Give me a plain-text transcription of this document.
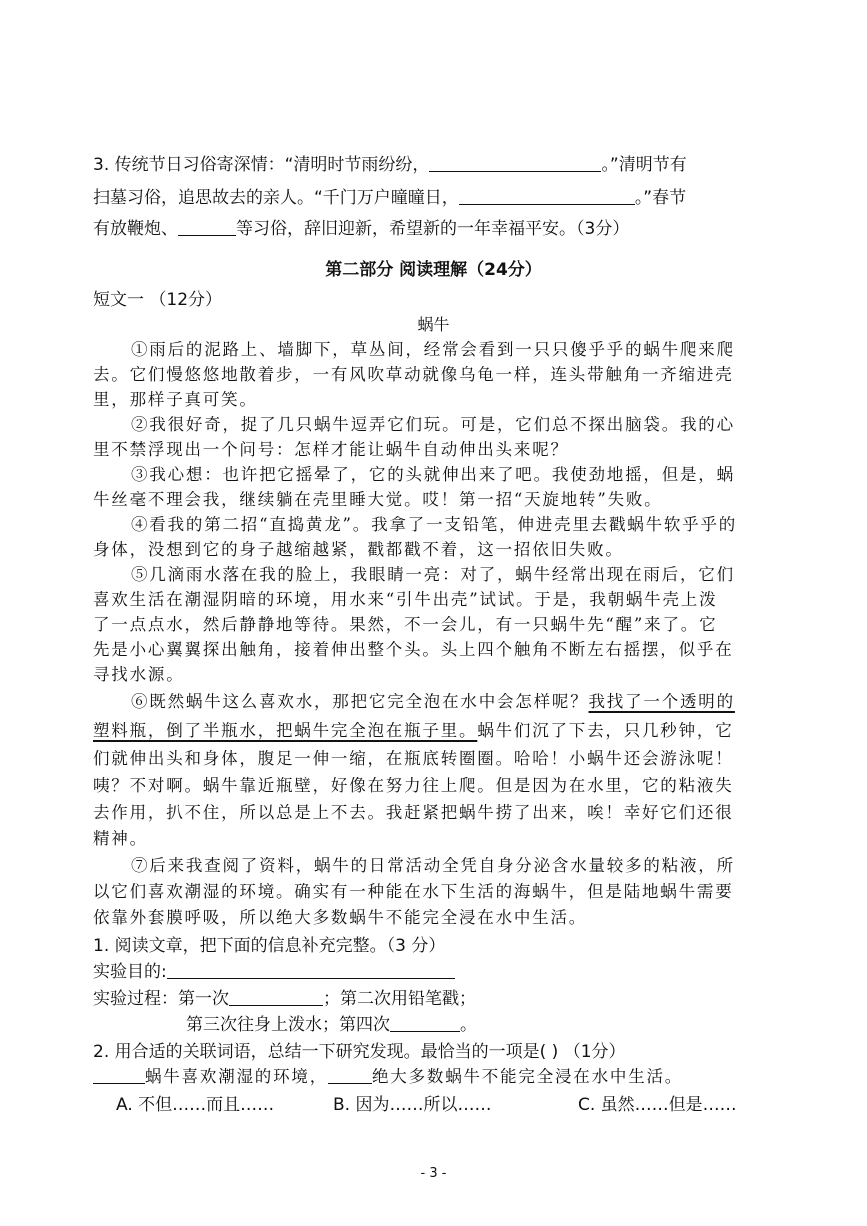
3. 传统节日习俗寄深情：“清明时节雨纷纷，	。”清明节有
扫墓习俗，追思故去的亲人。“千门万户曈曈日，	。”春节
有放鞭炮、	等习俗，辞旧迎新，希望新的一年幸福平安。（3分）
第二部分 阅读理解（24分）
短文一 （12分）
蜗牛
①雨后的泥路上、墙脚下，草丛间，经常会看到一只只傻乎乎的蜗牛爬来爬
去。它们慢悠悠地散着步，一有风吹草动就像乌龟一样，连头带触角一齐缩进壳
里，那样子真可笑。
②我很好奇，捉了几只蜗牛逗弄它们玩。可是，它们总不探出脑袋。我的心
里不禁浮现出一个问号：怎样才能让蜗牛自动伸出头来呢？
③我心想：也许把它摇晕了，它的头就伸出来了吧。我使劲地摇，但是，蜗
牛丝毫不理会我，继续躺在壳里睡大觉。哎！第一招“天旋地转”失败。
④看我的第二招“直捣黄龙”。我拿了一支铅笔，伸进壳里去戳蜗牛软乎乎的
身体，没想到它的身子越缩越紧，戳都戳不着，这一招依旧失败。
⑤几滴雨水落在我的脸上，我眼睛一亮：对了，蜗牛经常出现在雨后，它们
喜欢生活在潮湿阴暗的环境，用水来“引牛出壳”试试。于是，我朝蜗牛壳上泼
了一点点水，然后静静地等待。果然，不一会儿，有一只蜗牛先“醒”来了。它
先是小心翼翼探出触角，接着伸出整个头。头上四个触角不断左右摇摆，似乎在
寻找水源。
⑥既然蜗牛这么喜欢水，那把它完全泡在水中会怎样呢？我找了一个透明的
塑料瓶，倒了半瓶水，把蜗牛完全泡在瓶子里。蜗牛们沉了下去，只几秒钟，它
们就伸出头和身体，腹足一伸一缩，在瓶底转圈圈。哈哈！小蜗牛还会游泳呢！
咦？不对啊。蜗牛靠近瓶壁，好像在努力往上爬。但是因为在水里，它的粘液失
去作用，扒不住，所以总是上不去。我赶紧把蜗牛捞了出来，唉！幸好它们还很
精神。
⑦后来我查阅了资料，蜗牛的日常活动全凭自身分泌含水量较多的粘液，所
以它们喜欢潮湿的环境。确实有一种能在水下生活的海蜗牛，但是陆地蜗牛需要
依靠外套膜呼吸，所以绝大多数蜗牛不能完全浸在水中生活。
1. 阅读文章，把下面的信息补充完整。（3 分）
实验目的:
实验过程：第一次	；第二次用铅笔戳；
第三次往身上泼水；第四次	。
2. 用合适的关联词语，总结一下研究发现。最恰当的一项是( ) （1分）
蜗牛喜欢潮湿的环境，	绝大多数蜗牛不能完全浸在水中生活。
A. 不但……而且……	B. 因为……所以……	C. 虽然……但是……
- 3 -
